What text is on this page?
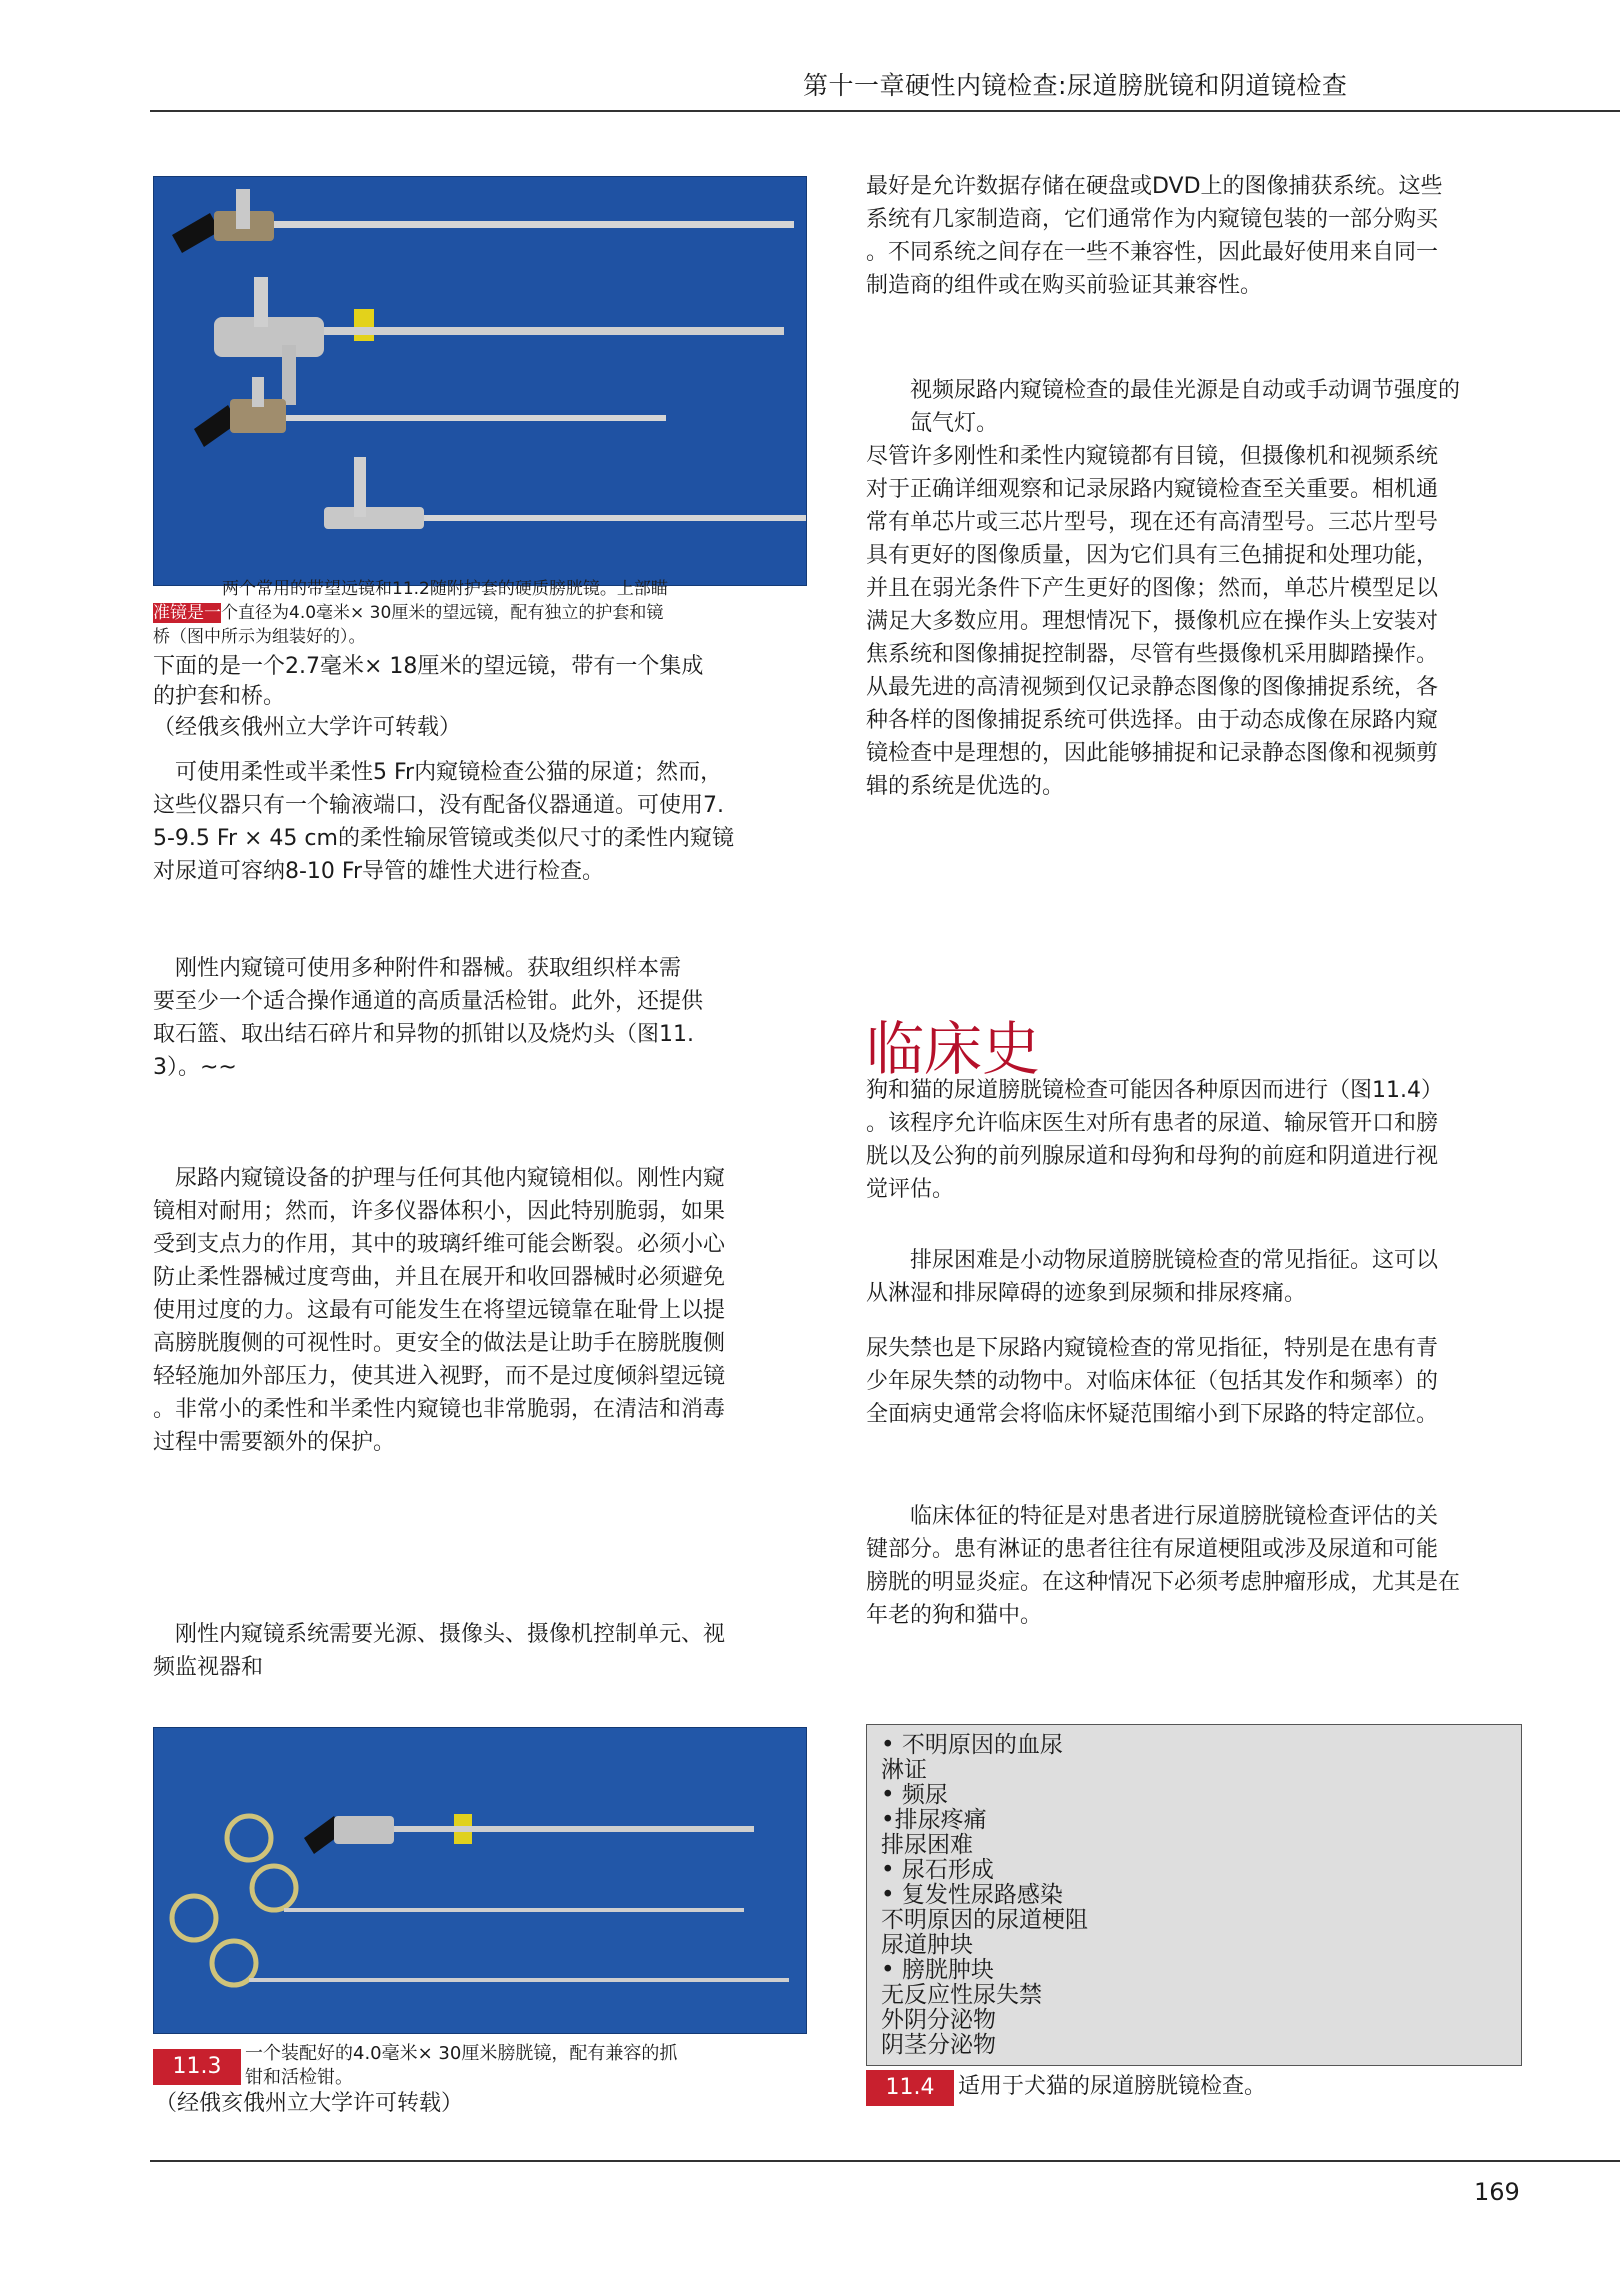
第十一章硬性内镜检查:尿道膀胱镜和阴道镜检查
两个常用的带望远镜和11.2随附护套的硬质膀胱镜。上部瞄
准镜是一个直径为4.0毫米× 30厘米的望远镜，配有独立的护套和镜
桥（图中所示为组装好的）。
下面的是一个2.7毫米× 18厘米的望远镜，带有一个集成
的护套和桥。
（经俄亥俄州立大学许可转载）

　可使用柔性或半柔性5 Fr内窥镜检查公猫的尿道；然而，

这些仪器只有一个输液端口，没有配备仪器通道。可使用7.

5-9.5 Fr × 45 cm的柔性输尿管镜或类似尺寸的柔性内窥镜

对尿道可容纳8-10 Fr导管的雄性犬进行检查。

　刚性内窥镜可使用多种附件和器械。获取组织样本需

要至少一个适合操作通道的高质量活检钳。此外，还提供

取石篮、取出结石碎片和异物的抓钳以及烧灼头（图11.

3）。~~

　尿路内窥镜设备的护理与任何其他内窥镜相似。刚性内窥

镜相对耐用；然而，许多仪器体积小，因此特别脆弱，如果

受到支点力的作用，其中的玻璃纤维可能会断裂。必须小心

防止柔性器械过度弯曲，并且在展开和收回器械时必须避免

使用过度的力。这最有可能发生在将望远镜靠在耻骨上以提

高膀胱腹侧的可视性时。更安全的做法是让助手在膀胱腹侧

轻轻施加外部压力，使其进入视野，而不是过度倾斜望远镜

。非常小的柔性和半柔性内窥镜也非常脆弱，在清洁和消毒

过程中需要额外的保护。

　刚性内窥镜系统需要光源、摄像头、摄像机控制单元、视

频监视器和

11.3
一个装配好的4.0毫米× 30厘米膀胱镜，配有兼容的抓
钳和活检钳。
（经俄亥俄州立大学许可转载）

最好是允许数据存储在硬盘或DVD上的图像捕获系统。这些

系统有几家制造商，它们通常作为内窥镜包装的一部分购买

。不同系统之间存在一些不兼容性，因此最好使用来自同一

制造商的组件或在购买前验证其兼容性。

　　视频尿路内窥镜检查的最佳光源是自动或手动调节强度的

　　氙气灯。

尽管许多刚性和柔性内窥镜都有目镜，但摄像机和视频系统

对于正确详细观察和记录尿路内窥镜检查至关重要。相机通

常有单芯片或三芯片型号，现在还有高清型号。三芯片型号

具有更好的图像质量，因为它们具有三色捕捉和处理功能，

并且在弱光条件下产生更好的图像；然而，单芯片模型足以

满足大多数应用。理想情况下，摄像机应在操作头上安装对

焦系统和图像捕捉控制器，尽管有些摄像机采用脚踏操作。

从最先进的高清视频到仅记录静态图像的图像捕捉系统，各

种各样的图像捕捉系统可供选择。由于动态成像在尿路内窥

镜检查中是理想的，因此能够捕捉和记录静态图像和视频剪

辑的系统是优选的。

临床史

狗和猫的尿道膀胱镜检查可能因各种原因而进行（图11.4）

。该程序允许临床医生对所有患者的尿道、输尿管开口和膀

胱以及公狗的前列腺尿道和母狗和母狗的前庭和阴道进行视

觉评估。

　　排尿困难是小动物尿道膀胱镜检查的常见指征。这可以

从淋湿和排尿障碍的迹象到尿频和排尿疼痛。

尿失禁也是下尿路内窥镜检查的常见指征，特别是在患有青

少年尿失禁的动物中。对临床体征（包括其发作和频率）的

全面病史通常会将临床怀疑范围缩小到下尿路的特定部位。

　　临床体征的特征是对患者进行尿道膀胱镜检查评估的关

键部分。患有淋证的患者往往有尿道梗阻或涉及尿道和可能

膀胱的明显炎症。在这种情况下必须考虑肿瘤形成，尤其是在

年老的狗和猫中。

• 不明原因的血尿
淋证
• 频尿
•排尿疼痛
排尿困难
• 尿石形成
• 复发性尿路感染
不明原因的尿道梗阻
尿道肿块
• 膀胱肿块
无反应性尿失禁
外阴分泌物
阴茎分泌物
11.4	适用于犬猫的尿道膀胱镜检查。
169
